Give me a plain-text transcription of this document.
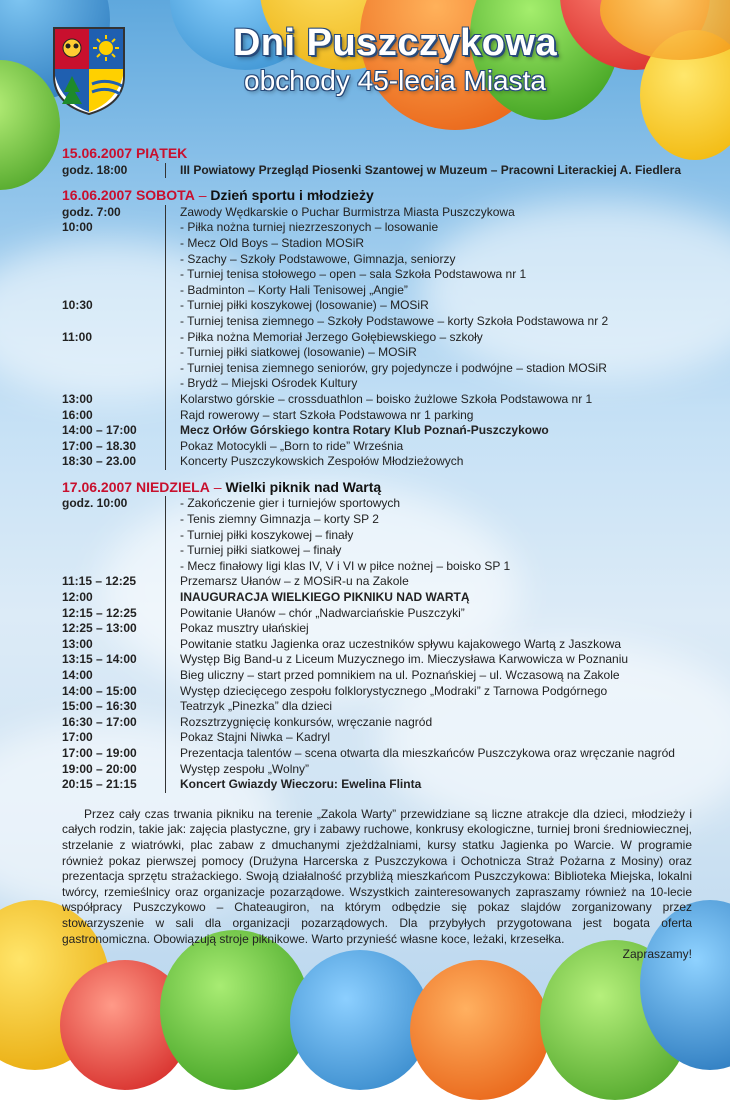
Dni Puszczykowa
obchody 45-lecia Miasta
15.06.2007 PIĄTEK
godz. 18:00	III Powiatowy Przegląd Piosenki Szantowej w Muzeum – Pracowni Literackiej A. Fiedlera
16.06.2007 SOBOTA – Dzień sportu i młodzieży
godz. 7:00	Zawody Wędkarskie o Puchar Burmistrza Miasta Puszczykowa
10:00	- Piłka nożna turniej niezrzeszonych – losowanie
- Mecz Old Boys – Stadion MOSiR
- Szachy – Szkoły Podstawowe, Gimnazja, seniorzy
- Turniej tenisa stołowego – open – sala Szkoła Podstawowa nr 1
- Badminton – Korty Hali Tenisowej „Angie”
10:30	- Turniej piłki koszykowej (losowanie) – MOSiR
- Turniej tenisa ziemnego – Szkoły Podstawowe – korty Szkoła Podstawowa nr 2
11:00	- Piłka nożna Memoriał Jerzego Gołębiewskiego – szkoły
- Turniej piłki siatkowej (losowanie) – MOSiR
- Turniej tenisa ziemnego seniorów, gry pojedyncze i podwójne – stadion MOSiR
- Brydż – Miejski Ośrodek Kultury
13:00	Kolarstwo górskie – crossduathlon – boisko żużlowe Szkoła Podstawowa nr 1
16:00	Rajd rowerowy – start Szkoła Podstawowa nr 1 parking
14:00 – 17:00	Mecz Orłów Górskiego kontra Rotary Klub Poznań-Puszczykowo
17:00 – 18.30	Pokaz Motocykli – „Born to ride” Września
18:30 – 23.00	Koncerty Puszczykowskich Zespołów Młodzieżowych
17.06.2007 NIEDZIELA – Wielki piknik nad Wartą
godz. 10:00	- Zakończenie gier i turniejów sportowych
- Tenis ziemny Gimnazja – korty SP 2
- Turniej piłki koszykowej – finały
- Turniej piłki siatkowej – finały
- Mecz finałowy ligi klas IV, V i VI w piłce nożnej – boisko SP 1
11:15 – 12:25	Przemarsz Ułanów – z MOSiR-u na Zakole
12:00	INAUGURACJA WIELKIEGO PIKNIKU NAD WARTĄ
12:15 – 12:25	Powitanie Ułanów – chór „Nadwarciańskie Puszczyki”
12:25 – 13:00	Pokaz musztry ułańskiej
13:00	Powitanie statku Jagienka oraz uczestników spływu kajakowego Wartą z Jaszkowa
13:15 – 14:00	Występ Big Band-u z Liceum Muzycznego im. Mieczysława Karwowicza w Poznaniu
14:00	Bieg uliczny – start przed pomnikiem na ul. Poznańskiej – ul. Wczasową na Zakole
14:00 – 15:00	Występ dziecięcego zespołu folklorystycznego „Modraki” z Tarnowa Podgórnego
15:00 – 16:30	Teatrzyk „Pinezka” dla dzieci
16:30 – 17:00	Rozsztrzygnięcię konkursów, wręczanie nagród
17:00	Pokaz Stajni Niwka – Kadryl
17:00 – 19:00	Prezentacja talentów – scena otwarta dla mieszkańców Puszczykowa oraz wręczanie nagród
19:00 – 20:00	Występ zespołu „Wolny”
20:15 – 21:15	Koncert Gwiazdy Wieczoru: Ewelina Flinta
Przez cały czas trwania pikniku na terenie „Zakola Warty” przewidziane są liczne atrakcje dla dzieci, młodzieży i całych rodzin, takie jak: zajęcia plastyczne, gry i zabawy ruchowe, konkrusy ekologiczne, turniej broni średniowiecznej, strzelanie z wiatrówki, plac zabaw z dmuchanymi zjeżdżalniami, kursy statku Jagienka po Warcie. W programie również pokaz pierwszej pomocy (Drużyna Harcerska z Puszczykowa i Ochotnicza Straż Pożarna z Mosiny) oraz prezentacja sprzętu strażackiego. Swoją działalność przybliżą mieszkańcom Puszczykowa: Biblioteka Miejska, lokalni twórcy, rzemieślnicy oraz organizacje pozarządowe. Wszystkich zainteresowanych zapraszamy również na 10-lecie współpracy Puszczykowo – Chateaugiron, na którym odbędzie się pokaz slajdów zorganizowany przez stowarzyszenie w sali dla organizacji pozarządowych. Dla przybyłych przygotowana jest bogata oferta gastronomiczna. Obowiązują stroje piknikowe. Warto przynieść własne koce, leżaki, krzesełka.
Zapraszamy!
